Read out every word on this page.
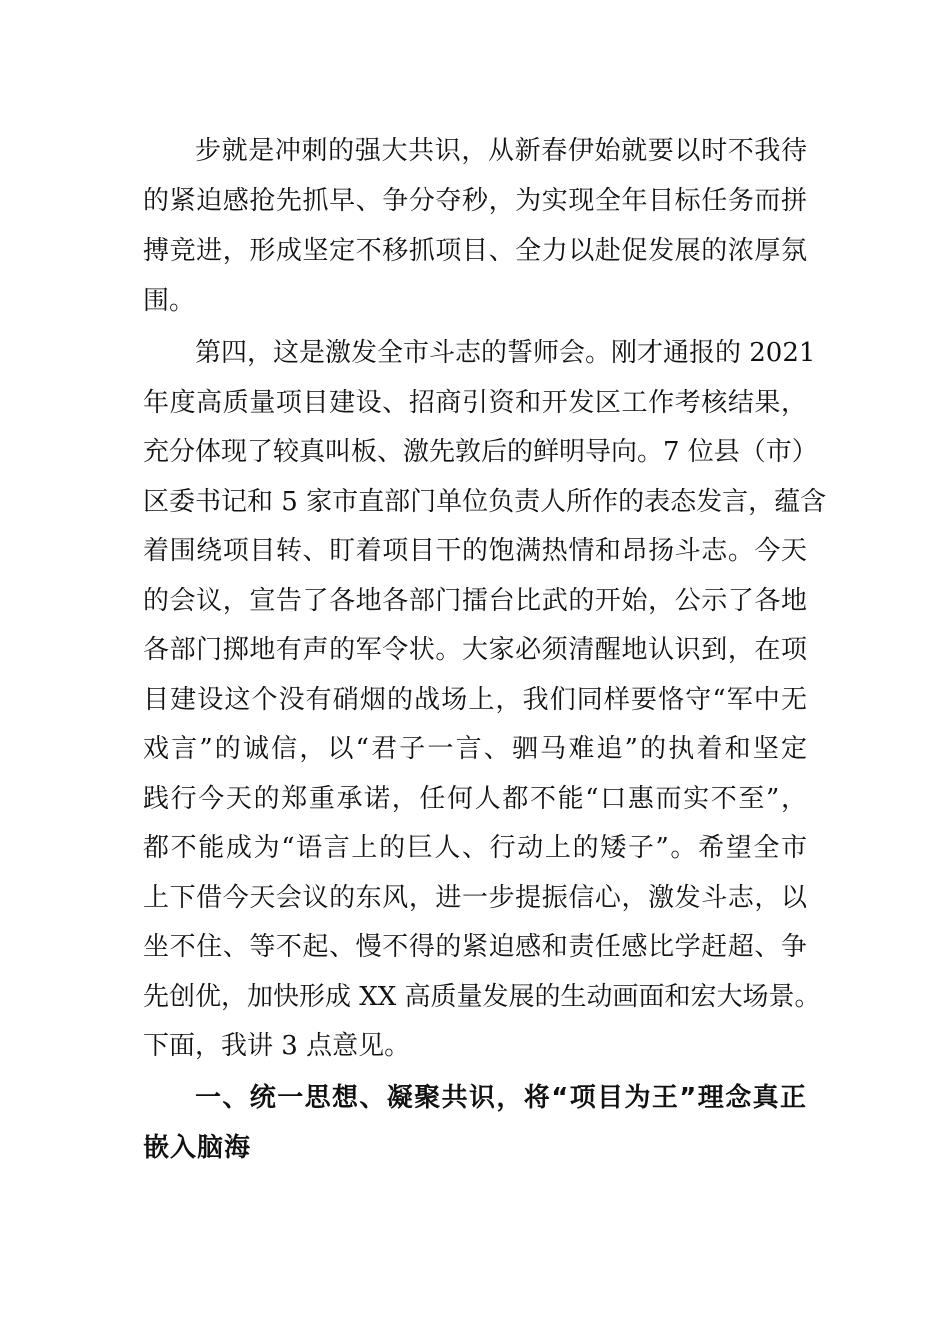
步就是冲刺的强大共识，从新春伊始就要以时不我待
的紧迫感抢先抓早、争分夺秒，为实现全年目标任务而拼
搏竞进，形成坚定不移抓项目、全力以赴促发展的浓厚氛
围。
第四，这是激发全市斗志的誓师会。刚才通报的 2021
年度高质量项目建设、招商引资和开发区工作考核结果，
充分体现了较真叫板、激先敦后的鲜明导向。7 位县（市）
区委书记和 5 家市直部门单位负责人所作的表态发言，蕴含
着围绕项目转、盯着项目干的饱满热情和昂扬斗志。今天
的会议，宣告了各地各部门擂台比武的开始，公示了各地
各部门掷地有声的军令状。大家必须清醒地认识到，在项
目建设这个没有硝烟的战场上，我们同样要恪守“军中无
戏言”的诚信，以“君子一言、驷马难追”的执着和坚定
践行今天的郑重承诺，任何人都不能“口惠而实不至”，
都不能成为“语言上的巨人、行动上的矮子”。希望全市
上下借今天会议的东风，进一步提振信心，激发斗志，以
坐不住、等不起、慢不得的紧迫感和责任感比学赶超、争
先创优，加快形成 XX 高质量发展的生动画面和宏大场景。
下面，我讲 3 点意见。
一、统一思想、凝聚共识，将“项目为王”理念真正
嵌入脑海
